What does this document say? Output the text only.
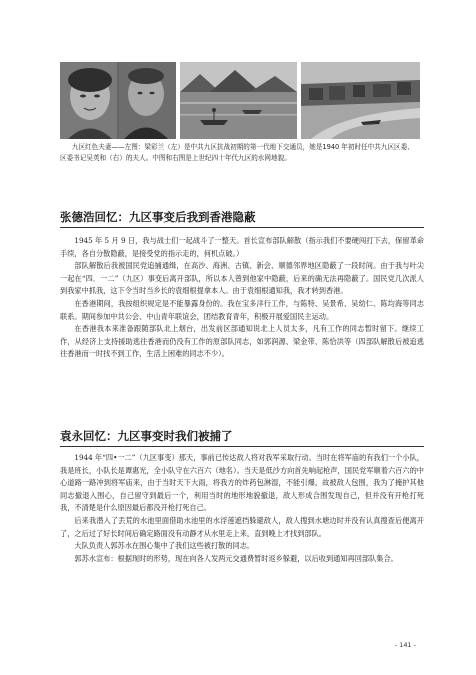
九区红色夫妻——左图：梁彩兰（左）是中共九区抗战初期的第一代地下交通员，她是1940 年初时任中共九区区委、区委书记吴英和（右）的夫人。中图和右图是上世纪四十年代九区的水网地貌。

张德浩回忆：九区事变后我到香港隐蔽

1945 年 5 月 9 日，我与战士们一起战斗了一整天。首长宣布部队解散（指示我们不要硬闯打下去，保留革命手续，各自分散隐蔽，是接受党的指示走的，何机点破。）

部队解散后我被国民党追捕通缉，在高沙、海洲、古镇、新会、顺德邻界地区隐蔽了一段时间。由于我与叶尖一起在“四．一二”（九区）事变后离开部队，所以本人曾到他家中隐蔽，后来的确无法再隐蔽了。国民党几次派人到我家中抓我，这下令当时当乡长的袁细根提拿本人。由于袁细根通知我，我才转到香港。

在香港期间，我按组织规定是不能暴露身份的。我在宝多洋行工作，与陈特、吴景希、吴幼仁、陈均海等同志联系。期间参加中共公会、中山青年联谊会，团结教育青年，积极开展爱国民主运动。

在香港我本来准备跟随部队北上烟台，出发前区部通知说北上人员太多，凡有工作的同志暂时留下。继续工作，从经济上支持援助逃往香港而仍没有工作的原部队同志，如郭润源、梁金带、陈恰洪等（四部队解散后被追逃往香港而一时找不到工作，生活上困难的同志不少）。

袁永回忆：九区事变时我们被捕了

1944 年“四•一二”（九区事变）那天，事前已传达敌人将对我军采取行动。当时在将军庙的有我们一个小队，我是班长，小队长是谭惠光，全小队守在六百六（地名）。当天是低沙方向首先响起枪声，国民党军顺着六百六的中心道路一路冲到将军庙来，由于当时天下大雨，将我方的炸药包淋湿，不能引爆，故被敌人包围，我为了掩护其他同志撤退入围心，自己留守到最后一个，利用当时的地形地貌撤退，敌人形成合围发现自己，但并没有开枪打死我，不清楚是什么原因最后都没开枪打死自己。

后来我潜入了丢荒的水池里面借助水池里的水浮莲遮挡躲避敌人，敌人搜到水塘边时并没有认真搜查后便离开了，之后过了好长时间后确定路面没有动静才从水里走上来，直到晚上才找到部队。

大队负责人郭苏水在围心集中了我们这些被打散的同志。

郭苏水宣布：根据现时的形势，现在向各人发两元交通费暂时返乡躲避，以后收到通知再回部队集合。

- 141 -
